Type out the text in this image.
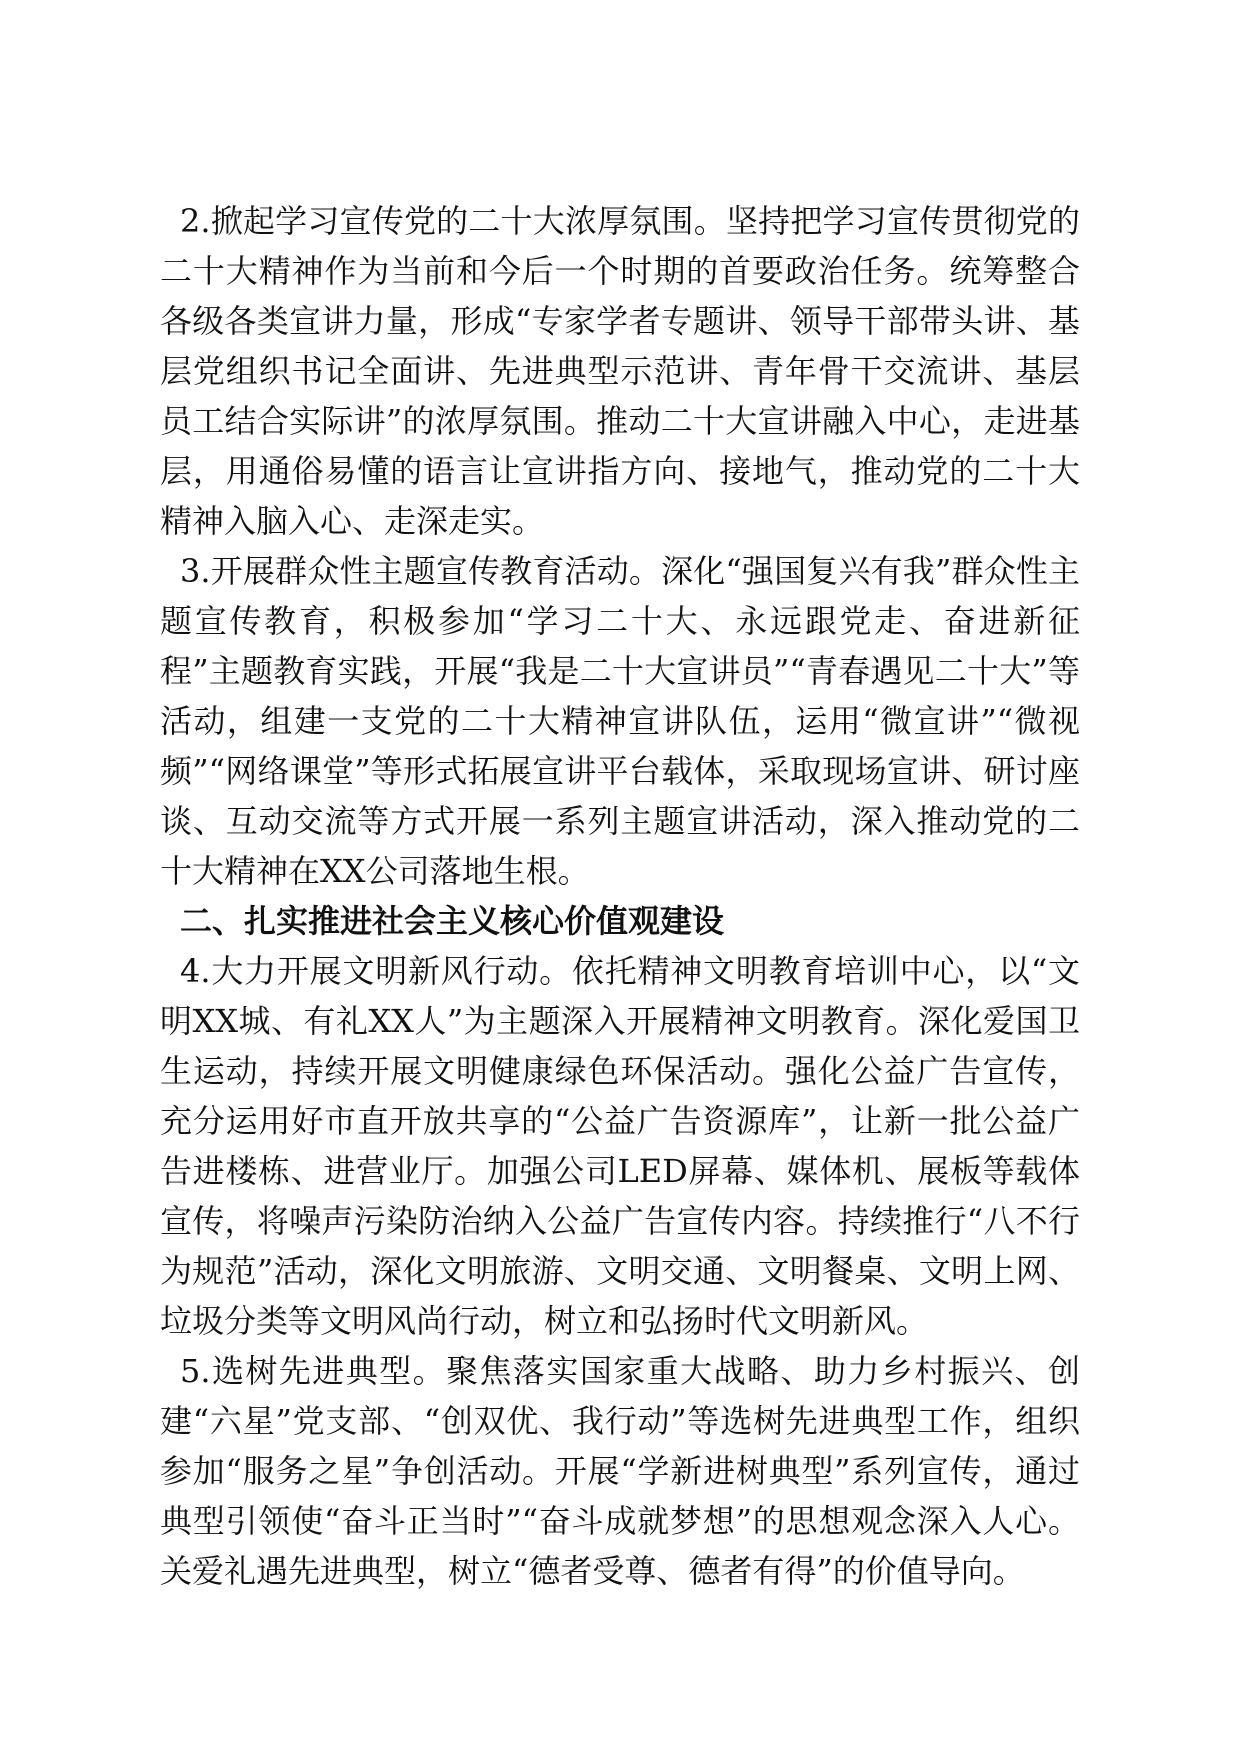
2.掀起学习宣传党的二十大浓厚氛围。坚持把学习宣传贯彻党的二十大精神作为当前和今后一个时期的首要政治任务。统筹整合各级各类宣讲力量，形成“专家学者专题讲、领导干部带头讲、基层党组织书记全面讲、先进典型示范讲、青年骨干交流讲、基层员工结合实际讲”的浓厚氛围。推动二十大宣讲融入中心，走进基层，用通俗易懂的语言让宣讲指方向、接地气，推动党的二十大精神入脑入心、走深走实。

3.开展群众性主题宣传教育活动。深化“强国复兴有我”群众性主题宣传教育，积极参加“学习二十大、永远跟党走、奋进新征程”主题教育实践，开展“我是二十大宣讲员”“青春遇见二十大”等活动，组建一支党的二十大精神宣讲队伍，运用“微宣讲”“微视频”“网络课堂”等形式拓展宣讲平台载体，采取现场宣讲、研讨座谈、互动交流等方式开展一系列主题宣讲活动，深入推动党的二十大精神在XX公司落地生根。

二、扎实推进社会主义核心价值观建设

4.大力开展文明新风行动。依托精神文明教育培训中心，以“文明XX城、有礼XX人”为主题深入开展精神文明教育。深化爱国卫生运动，持续开展文明健康绿色环保活动。强化公益广告宣传，充分运用好市直开放共享的“公益广告资源库”，让新一批公益广告进楼栋、进营业厅。加强公司LED屏幕、媒体机、展板等载体宣传，将噪声污染防治纳入公益广告宣传内容。持续推行“八不行为规范”活动，深化文明旅游、文明交通、文明餐桌、文明上网、垃圾分类等文明风尚行动，树立和弘扬时代文明新风。

5.选树先进典型。聚焦落实国家重大战略、助力乡村振兴、创建“六星”党支部、“创双优、我行动”等选树先进典型工作，组织参加“服务之星”争创活动。开展“学新进树典型”系列宣传，通过典型引领使“奋斗正当时”“奋斗成就梦想”的思想观念深入人心。关爱礼遇先进典型，树立“德者受尊、德者有得”的价值导向。
